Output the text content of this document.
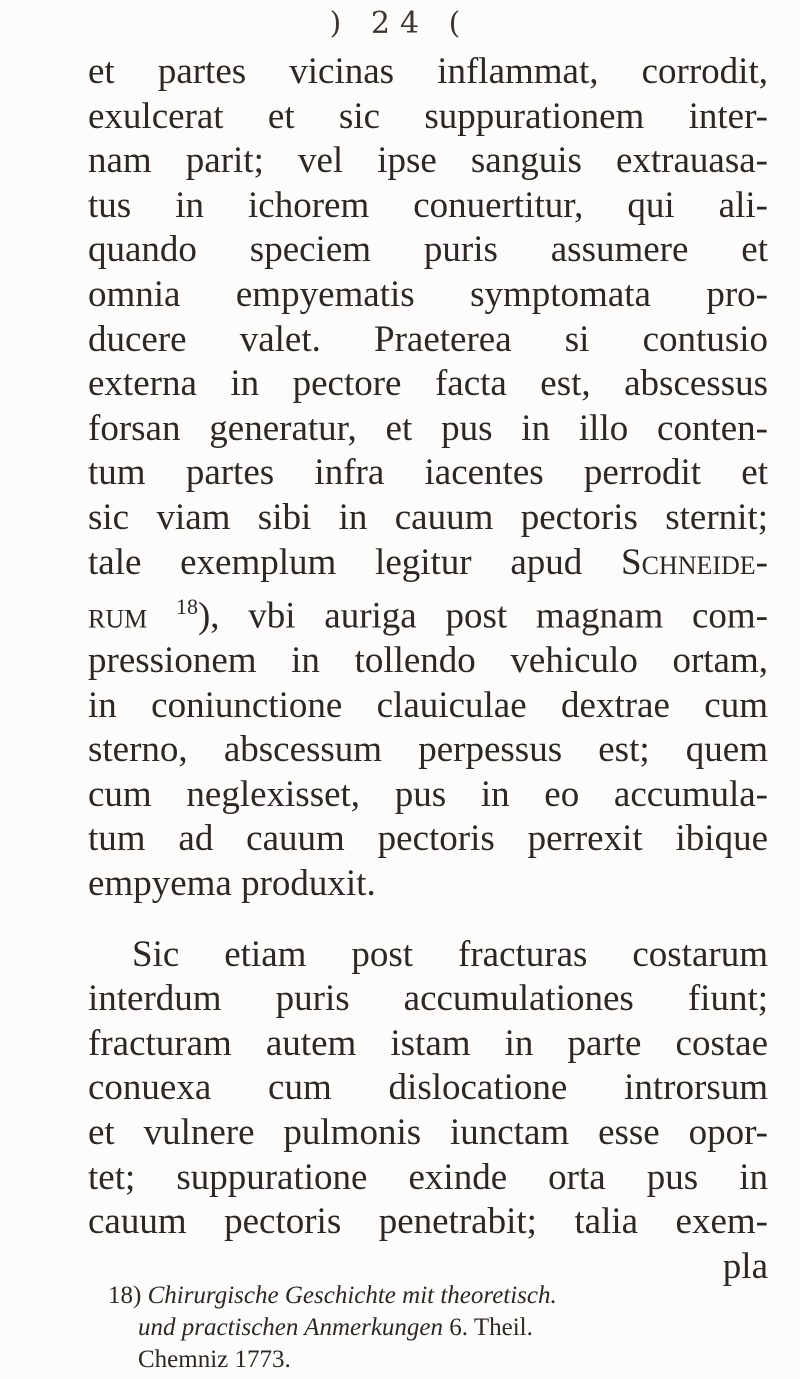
) 24 (
et partes vicinas inflammat, corrodit,
exulcerat et sic suppurationem inter-
nam parit; vel ipse sanguis extrauasa-
tus in ichorem conuertitur, qui ali-
quando speciem puris assumere et
omnia empyematis symptomata pro-
ducere valet. Praeterea si contusio
externa in pectore facta est, abscessus
forsan generatur, et pus in illo conten-
tum partes infra iacentes perrodit et
sic viam sibi in cauum pectoris sternit;
tale exemplum legitur apud Schneide-
rum $^{18}$), vbi auriga post magnam com-
pressionem in tollendo vehiculo ortam,
in coniunctione clauiculae dextrae cum
sterno, abscessum perpessus est; quem
cum neglexisset, pus in eo accumula-
tum ad cauum pectoris perrexit ibique
empyema produxit.
Sic etiam post fracturas costarum
interdum puris accumulationes fiunt;
fracturam autem istam in parte costae
conuexa cum dislocatione introrsum
et vulnere pulmonis iunctam esse opor-
tet; suppuratione exinde orta pus in
cauum pectoris penetrabit; talia exem-
pla
18) Chirurgische Geschichte mit theoretisch.
und practischen Anmerkungen 6. Theil.
Chemniz 1773.
